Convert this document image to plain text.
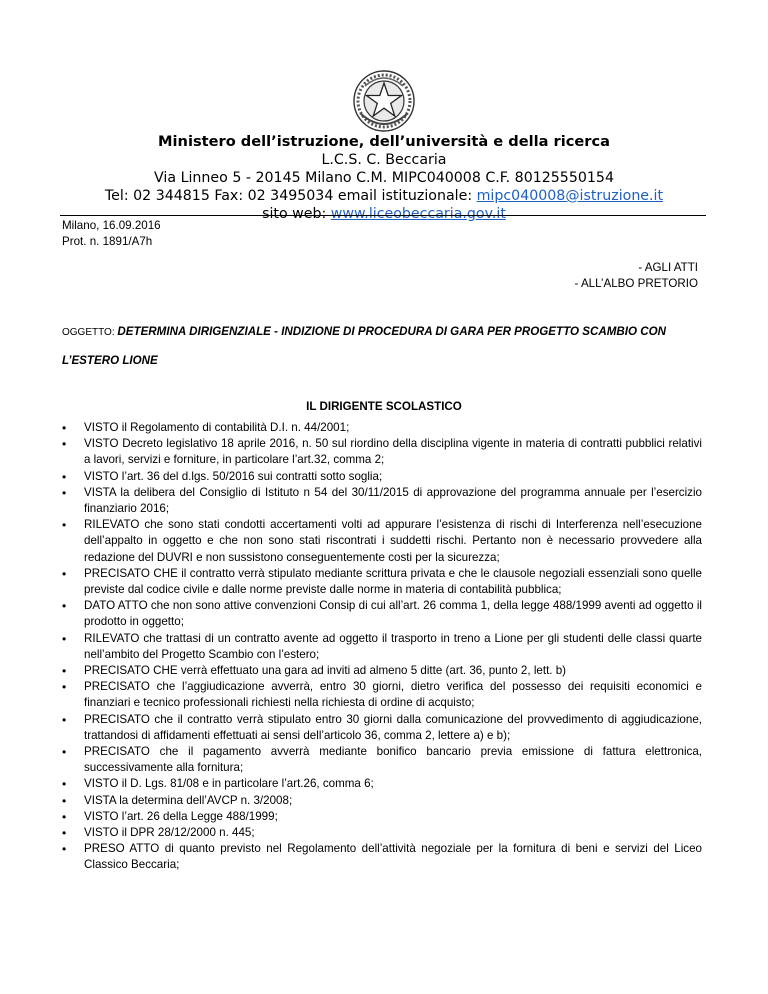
Ministero dell’istruzione, dell’università e della ricerca
L.C.S. C. Beccaria
Via Linneo 5 - 20145 Milano C.M. MIPC040008 C.F. 80125550154
Tel: 02 344815 Fax: 02 3495034 email istituzionale: mipc040008@istruzione.it
sito web: www.liceobeccaria.gov.it
Milano, 16.09.2016
Prot. n. 1891/A7h
- AGLI ATTI
- ALL’ALBO PRETORIO
OGGETTO: DETERMINA DIRIGENZIALE - INDIZIONE DI PROCEDURA DI GARA PER PROGETTO SCAMBIO CON L’ESTERO LIONE
IL DIRIGENTE SCOLASTICO
• VISTO il Regolamento di contabilità D.I. n. 44/2001;
• VISTO Decreto legislativo 18 aprile 2016, n. 50 sul riordino della disciplina vigente in materia di contratti pubblici relativi a lavori, servizi e forniture, in particolare l’art.32, comma 2;
• VISTO l’art. 36 del d.lgs. 50/2016 sui contratti sotto soglia;
• VISTA la delibera del Consiglio di Istituto n 54 del 30/11/2015 di approvazione del programma annuale per l’esercizio finanziario 2016;
• RILEVATO che sono stati condotti accertamenti volti ad appurare l’esistenza di rischi di Interferenza nell’esecuzione dell’appalto in oggetto e che non sono stati riscontrati i suddetti rischi. Pertanto non è necessario provvedere alla redazione del DUVRI e non sussistono conseguentemente costi per la sicurezza;
• PRECISATO CHE il contratto verrà stipulato mediante scrittura privata e che le clausole negoziali essenziali sono quelle previste dal codice civile e dalle norme previste dalle norme in materia di contabilità pubblica;
• DATO ATTO che non sono attive convenzioni Consip di cui all’art. 26 comma 1, della legge 488/1999 aventi ad oggetto il prodotto in oggetto;
• RILEVATO che trattasi di un contratto avente ad oggetto il trasporto in treno a Lione per gli studenti delle classi quarte nell’ambito del Progetto Scambio con l’estero;
• PRECISATO CHE verrà effettuato una gara ad inviti ad almeno 5 ditte (art. 36, punto 2, lett. b)
• PRECISATO che l’aggiudicazione avverrà, entro 30 giorni, dietro verifica del possesso dei requisiti economici e finanziari e tecnico professionali richiesti nella richiesta di ordine di acquisto;
• PRECISATO che il contratto verrà stipulato entro 30 giorni dalla comunicazione del provvedimento di aggiudicazione, trattandosi di affidamenti effettuati ai sensi dell’articolo 36, comma 2, lettere a) e b);
• PRECISATO che il pagamento avverrà mediante bonifico bancario previa emissione di fattura elettronica, successivamente alla fornitura;
• VISTO il D. Lgs. 81/08 e in particolare l’art.26, comma 6;
• VISTA la determina dell’AVCP n. 3/2008;
• VISTO l’art. 26 della Legge 488/1999;
• VISTO il DPR 28/12/2000 n. 445;
• PRESO ATTO di quanto previsto nel Regolamento dell’attività negoziale per la fornitura di beni e servizi del Liceo Classico Beccaria;
